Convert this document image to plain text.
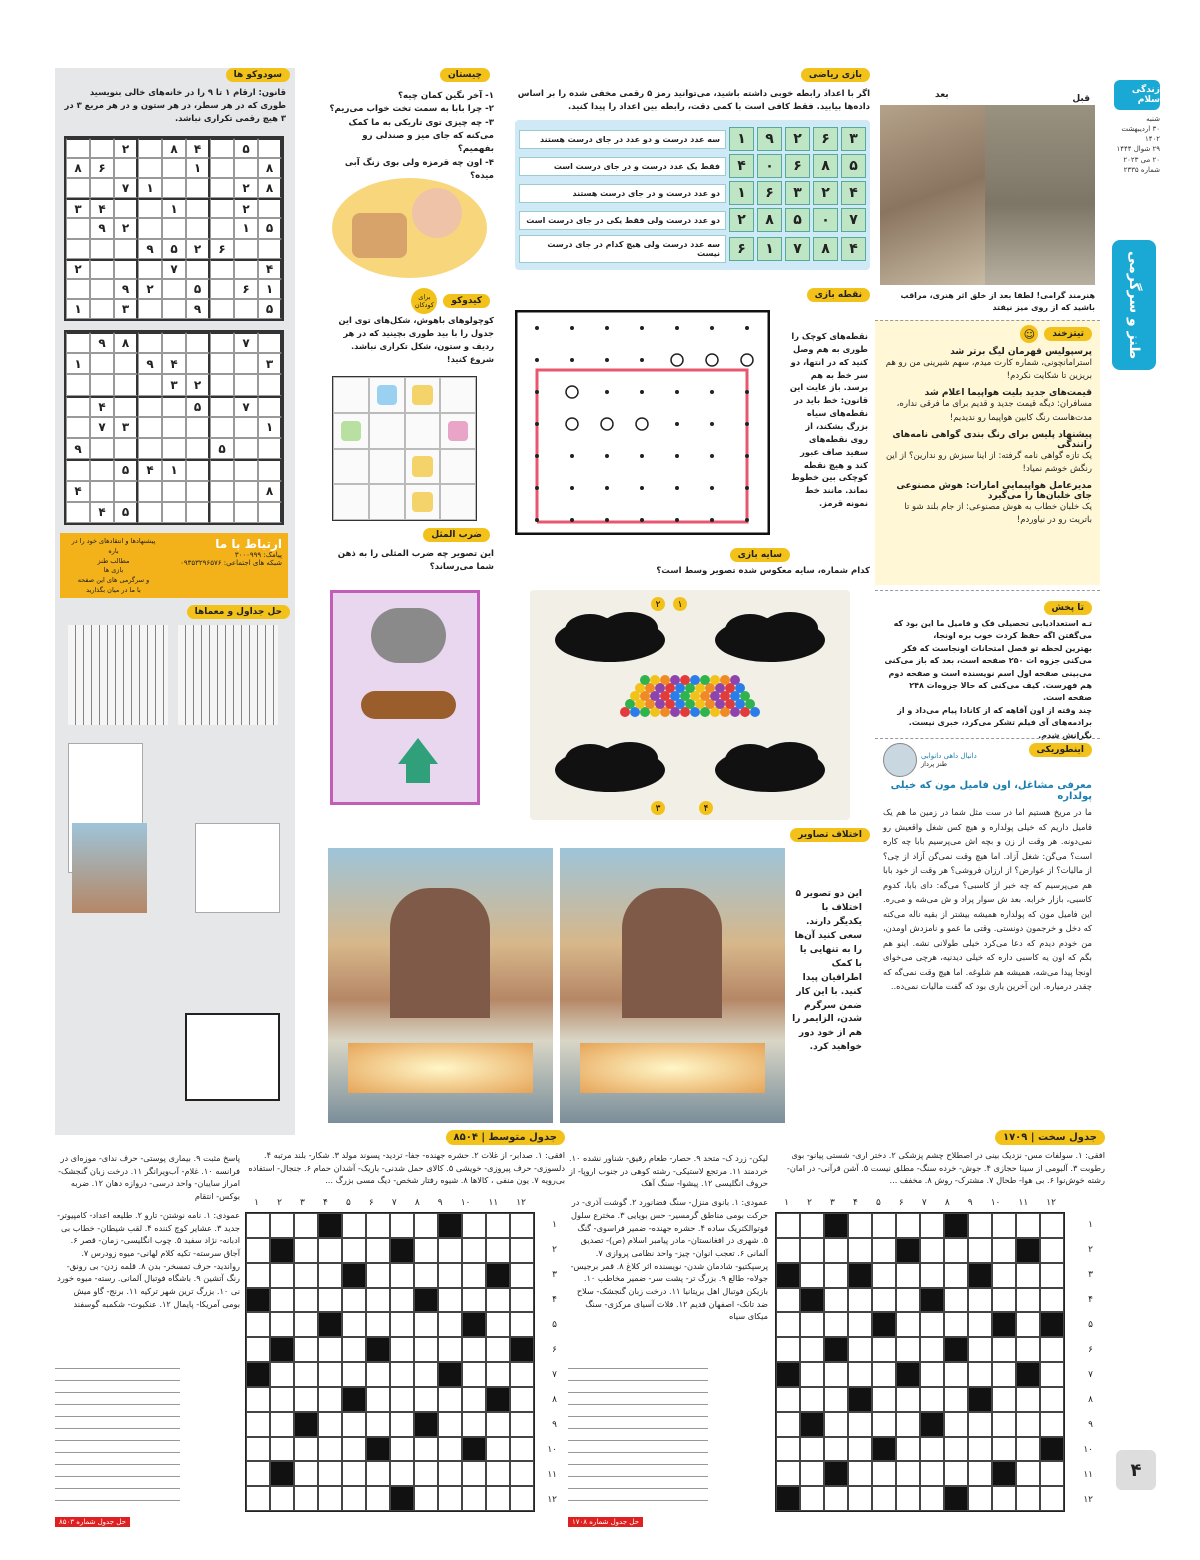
زندگی سلام
شنبه
۳۰ اردیبهشت ۱۴۰۲
۲۹ شوال ۱۴۴۴
۲۰ می ۲۰۲۳
شماره ۲۳۳۵
طنز و سرگرمی
۴
بعد	قبل
هنرمند گرامی! لطفا بعد از خلق اثر هنری، مراقب باشید که از روی میز نیفتد
تیتزخند
☺
پرسپولیس قهرمان لیگ برتر شد
استرامانچونی، شماره کارت میدم، سهم شیرینی من رو هم بریزین تا شکایت نکردم!
قیمت‌های جدید بلیت هواپیما اعلام شد
مسافران: دیگه قیمت جدید و قدیم برای ما فرقی نداره، مدت‌هاست رنگ کابین هواپیما رو ندیدیم!
پیشنهاد پلیس برای رنگ بندی گواهی نامه‌های رانندگی
یک تازه گواهی نامه گرفته: از اینا سبزش رو ندارین؟ از این رنگش خوشم نمیاد!
مدیرعامل هواپیمایی امارات: هوش مصنوعی جای خلبان‌ها را می‌گیرد
یک خلبان خطاب به هوش مصنوعی: از جام بلند شو تا باتریت رو در نیاوردم!
تا پخش
تـه استعدادیابی تحصیلی فک و فامیل ما این بود که می‌گفتن اگه حفظ کردت خوب بره اونجا،
بهترین لحظه تو فصل امتحانات اونجاست که فکر می‌کنی جزوه ات ۲۵۰ صفحه است، بعد که باز می‌کنی می‌بینی صفحه اول اسم نویسنده است و صفحه دوم هم فهرست. کیف می‌کنی که حالا جزوه‌ات ۲۴۸ صفحه است.
چند وقته از اون آقاهه که از کانادا پیام می‌داد و از برادمه‌های آی فیلم تشکر می‌کرد، خبری نیست. نگرانش شدم.
اینطوریکی
دانیال داهی دانوابی
طنز پرداز
معرفی مشاغل، اون فامیل مون که خیلی پولداره
ما در مریخ هستیم اما در ست مثل شما در زمین ما هم یک فامیل داریم که خیلی پولداره و هیچ کس شغل واقعیش رو نمی‌دونه. هر وقت از زن و بچه اش می‌پرسیم بابا چه کاره است؟ می‌گن: شغل آزاد. اما هیچ وقت نمی‌گن آزاد از چی؟ از مالیات؟ از عوارض؟ از ارزان فروشی؟ هر وقت از خود بابا هم می‌پرسیم که چه خبر از کاسبی؟ می‌گه: دای بابا، کدوم کاسبی، بازار خرابه. بعد ش سوار پراد و ش می‌شه و می‌ره. این فامیل مون که پولداره همیشه بیشتر از بقیه ناله می‌کنه که دخل و خرجمون دونستی. وقتی ما عمو و نامزدش اومدن، من خودم دیدم که دعا می‌کرد خیلی طولانی نشه. اینو هم بگم که اون یه کاسبی داره که خیلی دیدنیه، هرچی می‌خوای اونجا پیدا می‌شه، همیشه هم شلوغه. اما هیچ وقت نمی‌گه که چقدر درمیاره. این آخرین باری بود که گفت مالیات نمی‌ده..
بازی ریاضی
اگر با اعداد رابطه خوبی داشته باشید، می‌توانید رمز ۵ رقمی مخفی شده را بر اساس داده‌ها بیابید. فقط کافی است با کمی دقت، رابطه بین اعداد را پیدا کنید.
۳
۶
۲
۹
۱
سه عدد درست و دو عدد در جای درست هستند
۵
۸
۶
۰
۴
فقط یک عدد درست و در جای درست است
۴
۲
۳
۶
۱
دو عدد درست و در جای درست هستند
۷
۰
۵
۸
۲
دو عدد درست ولی فقط یکی در جای درست است
۴
۸
۷
۱
۶
سه عدد درست ولی هیچ کدام در جای درست نیست
نقطه بازی
نقطه‌های کوچک را طوری به هم وصل کنید که در انتها، دو سر خط به هم برسد. باز عایت این قانون: خط باید در نقطه‌های سیاه بزرگ بشکند، از روی نقطه‌های سفید صاف عبور کند و هیچ نقطه کوچکی بین خطوط نماند. مانند خط نمونه قرمز.
سایه بازی
کدام شماره، سایه معکوس شده تصویر وسط است؟
۱
۲
۳	۴
چیستان
۱- آخر نگین کمان چیه؟
۲- چرا بابا به سمت تخت خواب می‌ریم؟
۳- چه چیزی توی تاریکی به ما کمک می‌کنه که جای میز و صندلی رو بفهمیم؟
۴- اون چه قرمزه ولی بوی زنگ آبی میده؟
کیدوکو
برای کودکان
کوچولوهای باهوش، شکل‌های توی این جدول را با بید طوری بچینید که در هر ردیف و ستون، شکل تکراری نباشد. شروع کنید!
ضرب المثل
این تصویر چه ضرب المثلی را به ذهن شما می‌رساند؟
اختلاف تصاویر
این دو تصویر ۵ اختلاف با یکدیگر دارند. سعی کنید آن‌ها را به تنهایی یا با کمک اطرافیان پیدا کنید. با این کار ضمن سرگرم شدن، الزایمر را هم از خود دور خواهید کرد.
سودوکو ها
قانون: ارقام ۱ تا ۹ را در خانه‌های خالی بنویسید طوری که در هر سطر، در هر ستون و در هر مربع ۳ در ۳ هیچ رقمی تکراری نباشد.
۵
۴
۸
۲
۸
۱
۶
۸
۸
۲
۱
۷
۲
۱
۴
۳
۵
۱
۲
۹
۶
۲
۵
۹
۴
۷
۲
۱
۶
۵
۲
۹
۵
۹
۳
۱
۷
۸
۹
۳
۴
۹
۱
۲
۳
۷
۵
۴
۱
۳
۷
۵
۹
۱
۴
۵
۸
۴
۵
۴
ارتباط با ما
پیامک: ۳۰۰۰۹۹۹
شبکه های اجتماعی: ۰۹۳۵۳۲۹۶۵۷۶
پیشنهادها و انتقادهای خود را در باره
مطالب طنز
بازی ها
و سرگرمی های این صفحه
با ما در میان بگذارید
حل جداول و معماها
جدول سخت | ۱۷۰۹
افقی: ۱. سولفات مس- نزدیک بینی در اصطلاح چشم پزشکی ۲. دختر اری- شستی پیانو- بوی رطوبت ۳. آلبومی از سینا حجازی ۴. جوش- خرده سنگ- مطلق نیست ۵. آشن قرآنی- در امان- رشته خوش‌نوا ۶. بی هوا- طحال ۷. مشترک- روش ۸. مخفف ...
۱ ۲ ۳ ۴ ۵ ۶ ۷ ۸ ۹ ۱۰ ۱۱ ۱۲
۱
۲
۳
۴
۵
۶
۷
۸
۹
۱۰
۱۱
۱۲
لیکن- زرد ک- متحد ۹. حصار- طعام رقیق- شناور نشده ۱۰. خردمند ۱۱. مرتجع لاستیکی- رشته کوهی در جنوب اروپا- از حروف انگلیسی ۱۲. پیشوا- سنگ آهک
عمودی: ۱. بانوی منزل- سنگ فضانورد ۲. گوشت آذری- در حرکت بومی مناطق گرمسیر- حس بویایی ۳. مخترع سلول فوتوالکتریک ساده ۴. حشره جهنده- ضمیر فراسوی- گنگ ۵. شهری در افغانستان- مادر پیامبر اسلام (ص)- تصدیق آلمانی ۶. تعجب انوان- چیز- واحد نظامی پروازی ۷. پرسپکتیو- شادمان شدن- نویسنده اثر کلاغ ۸. قمر برجیس- جولاه- طالع ۹. بزرگ تر- پشت سر- ضمیر مخاطب ۱۰. بازیکن فوتبال اهل بریتانیا ۱۱. درخت زبان گنجشک- سلاح ضد تانک- اصفهان قدیم ۱۲. فلات آسیای مرکزی- سنگ میکای سیاه
حل جدول شماره ۱۷۰۸
جدول متوسط | ۸۵۰۴
افقی: ۱. صدابر- از غلات ۲. حشره جهنده- جفا- تردید- پسوند مولد ۳. شکار- بلند مرتبه ۴. دلسوزی- حرف پیروزی- خویشی ۵. کالای حمل شدنی- باریک- آشدان حمام ۶. جنجال- استفاده بی‌رویه ۷. یون منفی ، کالاها ۸. شیوه رفتار شخص- دیگ مسی بزرگ ...
۱ ۲ ۳ ۴ ۵ ۶ ۷ ۸ ۹ ۱۰ ۱۱ ۱۲
۱
۲
۳
۴
۵
۶
۷
۸
۹
۱۰
۱۱
۱۲
پاسخ مثبت ۹. بیماری پوستی- حرف ندای- موزه‌ای در فرانسه ۱۰. غلام- آب‌ویرانگر ۱۱. درخت زبان گنجشک- امراز سایبان- واحد درسی- دروازه دهان ۱۲. ضربه بوکس- انتقام
عمودی: ۱. نامه نوشتن- تارو ۲. طلیعه اعداد- کامپیوتر- جدید ۳. عشایر کوچ کننده ۴. لقب شیطان- خطاب بی ادبانه- نژاد سفید ۵. چوب انگلیسی- زمان- قصر ۶. آجاق سرسته- تکیه کلام لهانی- میوه زودرس ۷. رواندید- حرف تمسخر- بدن ۸. قلمه زدن- بی رونق- رنگ آتشین ۹. باشگاه فوتبال آلمانی. رسته- میوه خورد نی ۱۰. بزرگ ترین شهر ترکیه ۱۱. برنج- گاو میش بومی آمریکا- پایمال ۱۲. عنکبوت- شکمبه گوسفند
حل جدول شماره ۸۵۰۳
